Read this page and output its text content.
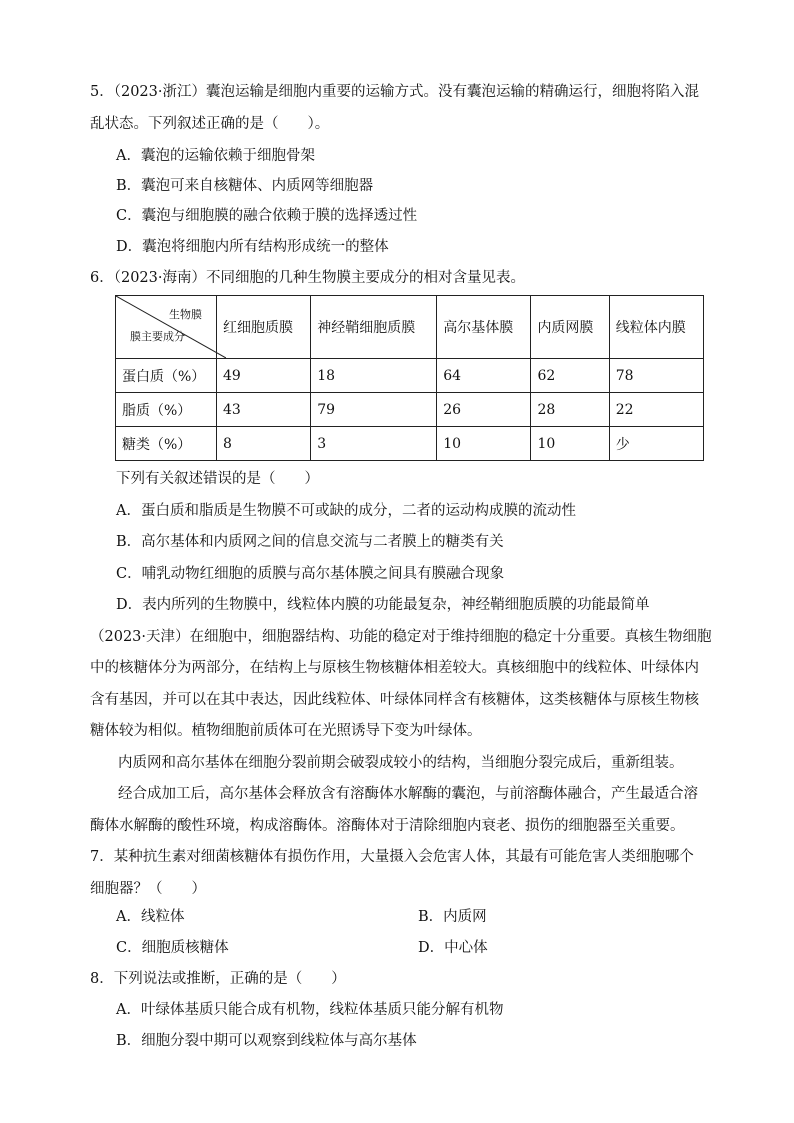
5．（2023·浙江）囊泡运输是细胞内重要的运输方式。没有囊泡运输的精确运行，细胞将陷入混
乱状态。下列叙述正确的是（　　）。
A．囊泡的运输依赖于细胞骨架
B．囊泡可来自核糖体、内质网等细胞器
C．囊泡与细胞膜的融合依赖于膜的选择透过性
D．囊泡将细胞内所有结构形成统一的整体
6．（2023·海南）不同细胞的几种生物膜主要成分的相对含量见表。
生物膜
膜主要成分	红细胞质膜	神经鞘细胞质膜	高尔基体膜	内质网膜	线粒体内膜
蛋白质（%）	49	18	64	62	78
脂质（%）	43	79	26	28	22
糖类（%）	8	3	10	10	少
下列有关叙述错误的是（　　）
A．蛋白质和脂质是生物膜不可或缺的成分，二者的运动构成膜的流动性
B．高尔基体和内质网之间的信息交流与二者膜上的糖类有关
C．哺乳动物红细胞的质膜与高尔基体膜之间具有膜融合现象
D．表内所列的生物膜中，线粒体内膜的功能最复杂，神经鞘细胞质膜的功能最简单
（2023·天津）在细胞中，细胞器结构、功能的稳定对于维持细胞的稳定十分重要。真核生物细胞
中的核糖体分为两部分，在结构上与原核生物核糖体相差较大。真核细胞中的线粒体、叶绿体内
含有基因，并可以在其中表达，因此线粒体、叶绿体同样含有核糖体，这类核糖体与原核生物核
糖体较为相似。植物细胞前质体可在光照诱导下变为叶绿体。
内质网和高尔基体在细胞分裂前期会破裂成较小的结构，当细胞分裂完成后，重新组装。
经合成加工后，高尔基体会释放含有溶酶体水解酶的囊泡，与前溶酶体融合，产生最适合溶
酶体水解酶的酸性环境，构成溶酶体。溶酶体对于清除细胞内衰老、损伤的细胞器至关重要。
7．某种抗生素对细菌核糖体有损伤作用，大量摄入会危害人体，其最有可能危害人类细胞哪个
细胞器？（　　）
A．线粒体	B．内质网
C．细胞质核糖体	D．中心体
8．下列说法或推断，正确的是（　　）
A．叶绿体基质只能合成有机物，线粒体基质只能分解有机物
B．细胞分裂中期可以观察到线粒体与高尔基体
